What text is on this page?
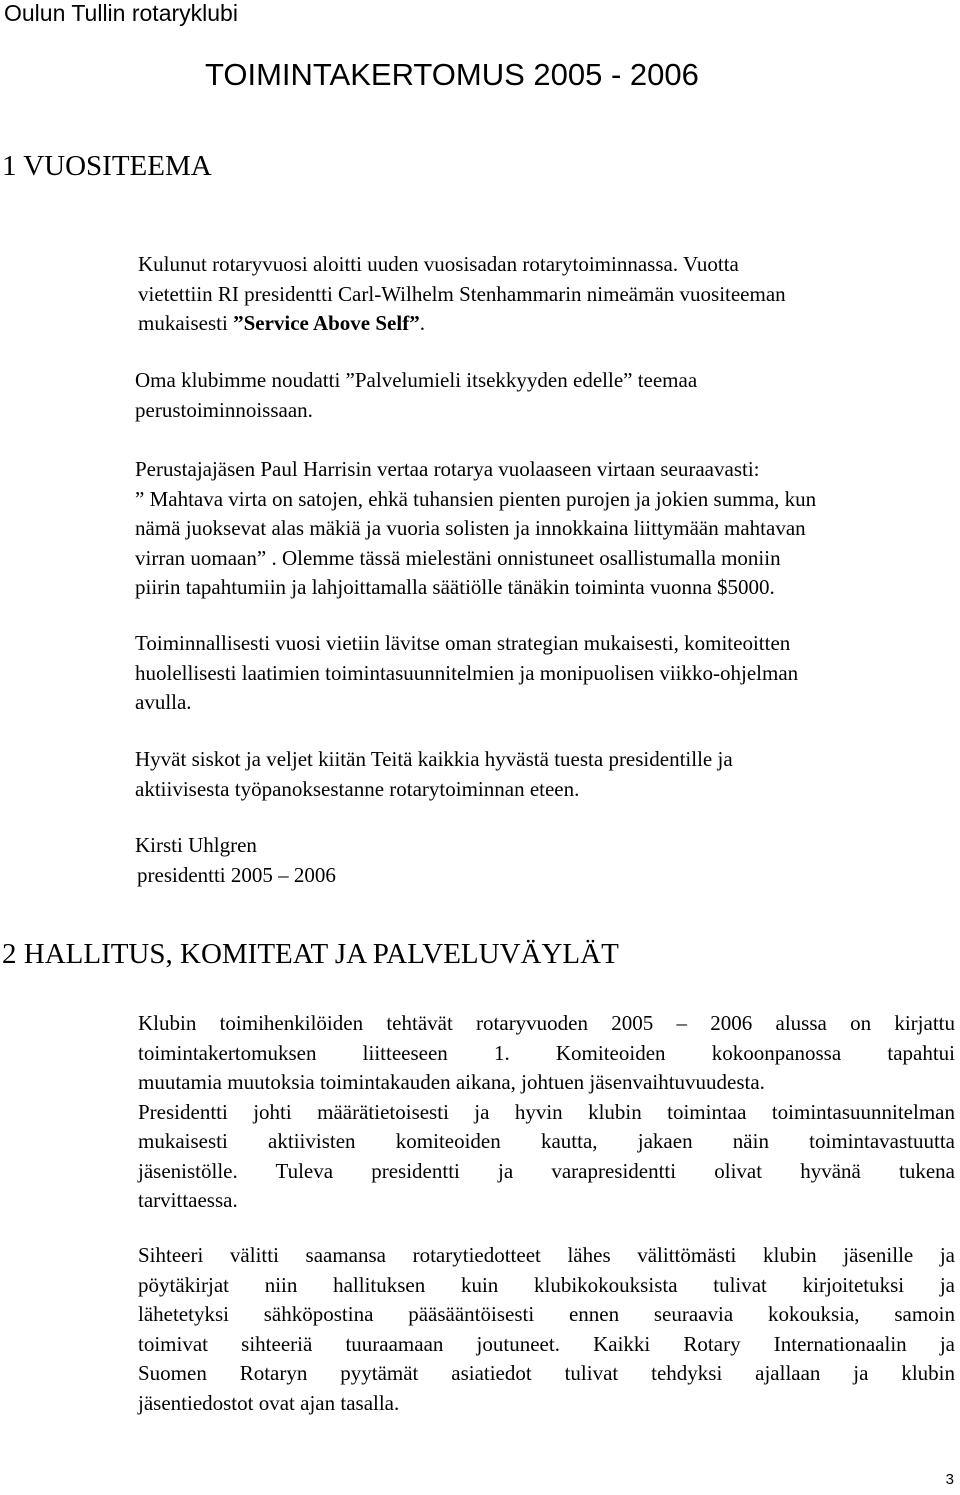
Oulun Tullin rotaryklubi
TOIMINTAKERTOMUS 2005 - 2006
1 VUOSITEEMA
Kulunut rotaryvuosi aloitti uuden vuosisadan rotarytoiminnassa. Vuotta
vietettiin RI presidentti Carl-Wilhelm Stenhammarin nimeämän vuositeeman
mukaisesti ”Service Above Self”.
Oma klubimme noudatti ”Palvelumieli itsekkyyden edelle” teemaa
perustoiminnoissaan.
Perustajajäsen Paul Harrisin vertaa rotarya vuolaaseen virtaan seuraavasti:
” Mahtava virta on satojen, ehkä tuhansien pienten purojen ja jokien summa, kun
nämä juoksevat alas mäkiä ja vuoria solisten ja innokkaina liittymään mahtavan
virran uomaan” . Olemme tässä mielestäni onnistuneet osallistumalla moniin
piirin tapahtumiin ja lahjoittamalla säätiölle tänäkin toiminta vuonna $5000.
Toiminnallisesti vuosi vietiin lävitse oman strategian mukaisesti, komiteoitten
huolellisesti laatimien toimintasuunnitelmien ja monipuolisen viikko-ohjelman
avulla.
Hyvät siskot ja veljet kiitän Teitä kaikkia hyvästä tuesta presidentille ja
aktiivisesta työpanoksestanne rotarytoiminnan eteen.
Kirsti Uhlgren
presidentti 2005 – 2006
2 HALLITUS, KOMITEAT JA PALVELUVÄYLÄT
Klubin toimihenkilöiden tehtävät rotaryvuoden 2005 – 2006 alussa on kirjattu
toimintakertomuksen liitteeseen 1. Komiteoiden kokoonpanossa tapahtui
muutamia muutoksia toimintakauden aikana, johtuen jäsenvaihtuvuudesta.
Presidentti johti määrätietoisesti ja hyvin klubin toimintaa toimintasuunnitelman
mukaisesti aktiivisten komiteoiden kautta, jakaen näin toimintavastuutta
jäsenistölle. Tuleva presidentti ja varapresidentti olivat hyvänä tukena
tarvittaessa.
Sihteeri välitti saamansa rotarytiedotteet lähes välittömästi klubin jäsenille ja
pöytäkirjat niin hallituksen kuin klubikokouksista tulivat kirjoitetuksi ja
lähetetyksi sähköpostina pääsääntöisesti ennen seuraavia kokouksia, samoin
toimivat sihteeriä tuuraamaan joutuneet. Kaikki Rotary Internationaalin ja
Suomen Rotaryn pyytämät asiatiedot tulivat tehdyksi ajallaan ja klubin
jäsentiedostot ovat ajan tasalla.
3
